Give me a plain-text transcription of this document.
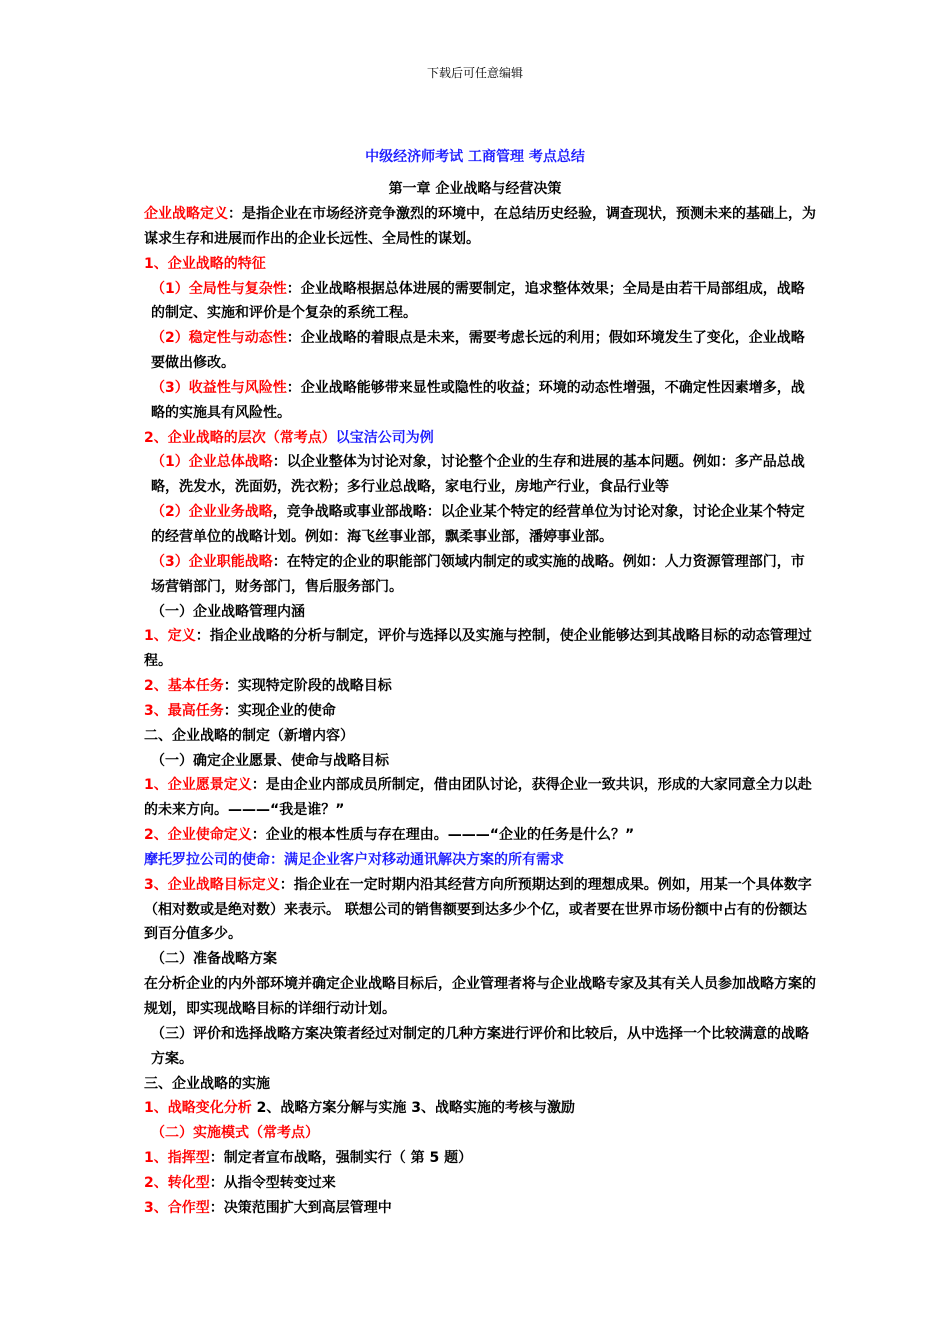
下载后可任意编辑
中级经济师考试 工商管理 考点总结
第一章 企业战略与经营决策

企业战略定义：是指企业在市场经济竞争激烈的环境中，在总结历史经验，调查现状，预测未来的基础上，为谋求生存和进展而作出的企业长远性、全局性的谋划。

1、企业战略的特征

（1）全局性与复杂性：企业战略根据总体进展的需要制定，追求整体效果；全局是由若干局部组成，战略的制定、实施和评价是个复杂的系统工程。

（2）稳定性与动态性：企业战略的着眼点是未来，需要考虑长远的利用；假如环境发生了变化，企业战略要做出修改。

（3）收益性与风险性：企业战略能够带来显性或隐性的收益；环境的动态性增强，不确定性因素增多，战略的实施具有风险性。

2、企业战略的层次（常考点）以宝洁公司为例

（1）企业总体战略：以企业整体为讨论对象，讨论整个企业的生存和进展的基本问题。例如：多产品总战略，洗发水，洗面奶，洗衣粉；多行业总战略，家电行业，房地产行业，食品行业等

（2）企业业务战略，竞争战略或事业部战略：以企业某个特定的经营单位为讨论对象，讨论企业某个特定的经营单位的战略计划。例如：海飞丝事业部，飘柔事业部，潘婷事业部。

（3）企业职能战略：在特定的企业的职能部门领域内制定的或实施的战略。例如：人力资源管理部门，市场营销部门，财务部门，售后服务部门。

（一）企业战略管理内涵

1、定义：指企业战略的分析与制定，评价与选择以及实施与控制，使企业能够达到其战略目标的动态管理过程。

2、基本任务：实现特定阶段的战略目标

3、最高任务：实现企业的使命

二、企业战略的制定（新增内容）

（一）确定企业愿景、使命与战略目标

1、企业愿景定义：是由企业内部成员所制定，借由团队讨论，获得企业一致共识，形成的大家同意全力以赴的未来方向。———“我是谁？”

2、企业使命定义：企业的根本性质与存在理由。———“企业的任务是什么？”

摩托罗拉公司的使命：满足企业客户对移动通讯解决方案的所有需求

3、企业战略目标定义：指企业在一定时期内沿其经营方向所预期达到的理想成果。例如，用某一个具体数字（相对数或是绝对数）来表示。 联想公司的销售额要到达多少个亿，或者要在世界市场份额中占有的份额达到百分值多少。

（二）准备战略方案

在分析企业的内外部环境并确定企业战略目标后，企业管理者将与企业战略专家及其有关人员参加战略方案的规划，即实现战略目标的详细行动计划。

（三）评价和选择战略方案决策者经过对制定的几种方案进行评价和比较后，从中选择一个比较满意的战略方案。

三、企业战略的实施

1、战略变化分析 2、战略方案分解与实施 3、战略实施的考核与激励

（二）实施模式（常考点）

1、指挥型：制定者宣布战略，强制实行（ 第 5 题）

2、转化型：从指令型转变过来

3、合作型：决策范围扩大到高层管理中
